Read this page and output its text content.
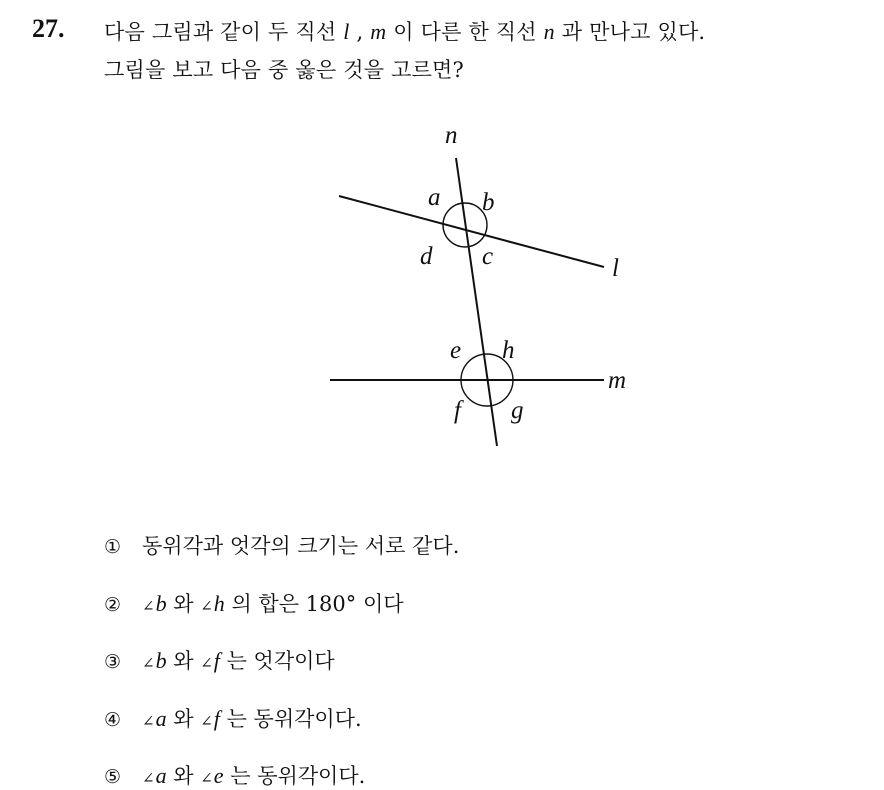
27. 다음 그림과 같이 두 직선 l , m 이 다른 한 직선 n 과 만나고 있다.
그림을 보고 다음 중 옳은 것을 고르면?
n
l
m
a b
c
d
e h
f g
① 동위각과 엇각의 크기는 서로 같다.
② ∠b 와 ∠h 의 합은 180° 이다
③ ∠b 와 ∠f 는 엇각이다
④ ∠a 와 ∠f 는 동위각이다.
⑤ ∠a 와 ∠e 는 동위각이다.
